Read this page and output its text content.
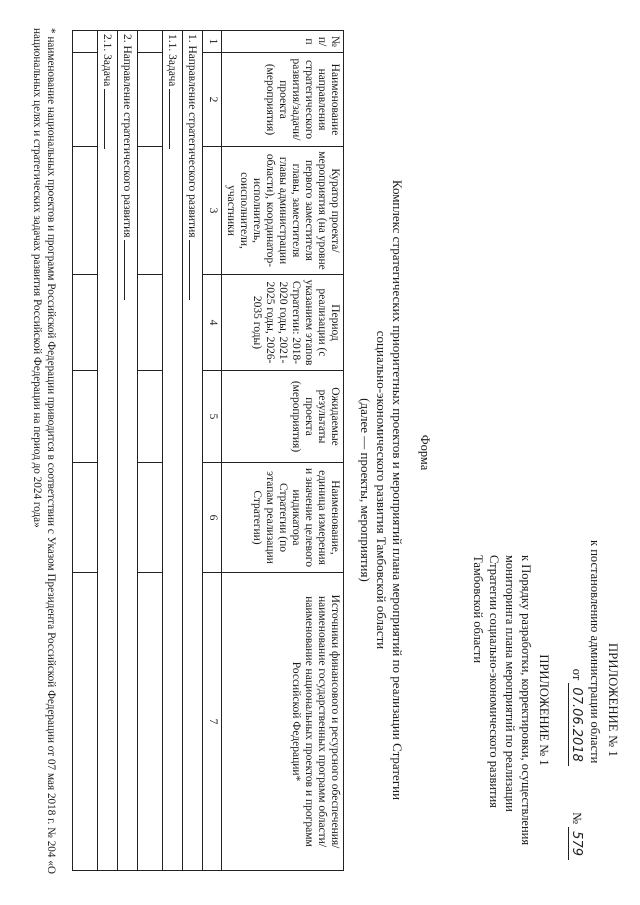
ПРИЛОЖЕНИЕ № 1
к постановлению администрации области
от 07.06.2018  № 579
ПРИЛОЖЕНИЕ № 1
к Порядку разработки, корректировки, осуществления мониторинга плана мероприятий по реализации Стратегии социально-экономического развития Тамбовской области
Форма
Комплекс стратегических приоритетных проектов и мероприятий плана мероприятий по реализации Стратегии
социально-экономического развития Тамбовской области
(далее — проекты, мероприятия)
№ п/п	Наименование направления стратегического развития/задачи/ проекта (мероприятия)	Куратор проекта/ мероприятия (на уровне первого заместителя главы, заместителя главы администрации области), координатор-исполнитель, соисполнители, участники	Период реализации (с указанием этапов Стратегии: 2018-2020 годы, 2021-2025 годы, 2026-2035 годы)	Ожидаемые результаты проекта (мероприятия)	Наименование, единица измерения и значение целевого индикатора Стратегии (по этапам реализации Стратегии)	Источники финансового и ресурсного обеспечения/ наименование государственных программ области/ наименование национальных проектов и программ Российской Федерации*
1	2	3	4	5	6	7
1. Направление стратегического развития						
1.1. Задача						

2. Направление стратегического развития						
2.1. Задача						

* наименование национальных проектов и программ Российской Федерации приводится в соответствии с Указом Президента Российской Федерации от 07 мая 2018 г. № 204 «О национальных целях и стратегических задачах развития Российской Федерации на период до 2024 года»
